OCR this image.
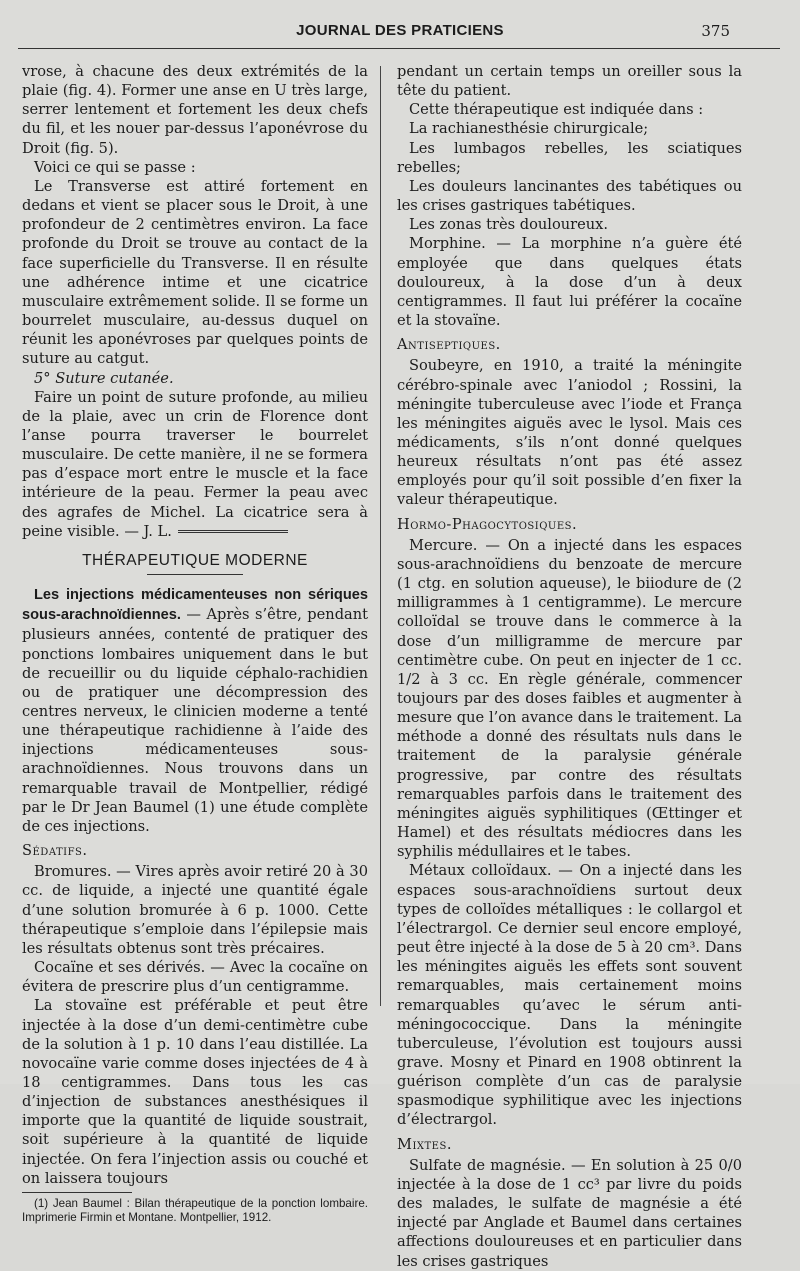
JOURNAL DES PRATICIENS	375

vrose, à chacune des deux extrémités de la plaie (fig. 4). Former une anse en U très large, serrer lentement et fortement les deux chefs du fil, et les nouer par-dessus l’aponévrose du Droit (fig. 5).

Voici ce qui se passe :

Le Transverse est attiré fortement en dedans et vient se placer sous le Droit, à une profondeur de 2 centimètres environ. La face profonde du Droit se trouve au contact de la face superficielle du Transverse. Il en résulte une adhérence intime et une cicatrice musculaire extrêmement solide. Il se forme un bourrelet musculaire, au-dessus duquel on réunit les aponévroses par quelques points de suture au catgut.

5° Suture cutanée.

Faire un point de suture profonde, au milieu de la plaie, avec un crin de Florence dont l’anse pourra traverser le bourrelet musculaire. De cette manière, il ne se formera pas d’espace mort entre le muscle et la face intérieure de la peau. Fermer la peau avec des agrafes de Michel. La cicatrice sera à peine visible. — J. L.

THÉRAPEUTIQUE MODERNE

Les injections médicamenteuses non sériques sous-arachnoïdiennes. — Après s’être, pendant plusieurs années, contenté de pratiquer des ponctions lombaires uniquement dans le but de recueillir ou du liquide céphalo-rachidien ou de pratiquer une décompression des centres nerveux, le clinicien moderne a tenté une thérapeutique rachidienne à l’aide des injections médicamenteuses sous-arachnoïdiennes. Nous trouvons dans un remarquable travail de Montpellier, rédigé par le Dr Jean Baumel (1) une étude complète de ces injections.

Sédatifs.

Bromures. — Vires après avoir retiré 20 à 30 cc. de liquide, a injecté une quantité égale d’une solution bromurée à 6 p. 1000. Cette thérapeutique s’emploie dans l’épilepsie mais les résultats obtenus sont très précaires.

Cocaïne et ses dérivés. — Avec la cocaïne on évitera de prescrire plus d’un centigramme.

La stovaïne est préférable et peut être injectée à la dose d’un demi-centimètre cube de la solution à 1 p. 10 dans l’eau distillée. La novocaïne varie comme doses injectées de 4 à 18 centigrammes. Dans tous les cas d’injection de substances anesthésiques il importe que la quantité de liquide soustrait, soit supérieure à la quantité de liquide injectée. On fera l’injection assis ou couché et on laissera toujours

(1) Jean Baumel : Bilan thérapeutique de la ponction lombaire. Imprimerie Firmin et Montane. Montpellier, 1912.

pendant un certain temps un oreiller sous la tête du patient.

Cette thérapeutique est indiquée dans :

La rachianesthésie chirurgicale;

Les lumbagos rebelles, les sciatiques rebelles;

Les douleurs lancinantes des tabétiques ou les crises gastriques tabétiques.

Les zonas très douloureux.

Morphine. — La morphine n’a guère été employée que dans quelques états douloureux, à la dose d’un à deux centigrammes. Il faut lui préférer la cocaïne et la stovaïne.

Antiseptiques.

Soubeyre, en 1910, a traité la méningite cérébro-spinale avec l’aniodol ; Rossini, la méningite tuberculeuse avec l’iode et França les méningites aiguës avec le lysol. Mais ces médicaments, s’ils n’ont donné quelques heureux résultats n’ont pas été assez employés pour qu’il soit possible d’en fixer la valeur thérapeutique.

Hormo-Phagocytosiques.

Mercure. — On a injecté dans les espaces sous-arachnoïdiens du benzoate de mercure (1 ctg. en solution aqueuse), le biiodure de (2 milligrammes à 1 centigramme). Le mercure colloïdal se trouve dans le commerce à la dose d’un milligramme de mercure par centimètre cube. On peut en injecter de 1 cc. 1/2 à 3 cc. En règle générale, commencer toujours par des doses faibles et augmenter à mesure que l’on avance dans le traitement. La méthode a donné des résultats nuls dans le traitement de la paralysie générale progressive, par contre des résultats remarquables parfois dans le traitement des méningites aiguës syphilitiques (Œttinger et Hamel) et des résultats médiocres dans les syphilis médullaires et le tabes.

Métaux colloïdaux. — On a injecté dans les espaces sous-arachnoïdiens surtout deux types de colloïdes métalliques : le collargol et l’électrargol. Ce dernier seul encore employé, peut être injecté à la dose de 5 à 20 cm³. Dans les méningites aiguës les effets sont souvent remarquables, mais certainement moins remarquables qu’avec le sérum anti-méningococcique. Dans la méningite tuberculeuse, l’évolution est toujours aussi grave. Mosny et Pinard en 1908 obtinrent la guérison complète d’un cas de paralysie spasmodique syphilitique avec les injections d’électrargol.

Mixtes.

Sulfate de magnésie. — En solution à 25 0/0 injectée à la dose de 1 cc³ par livre du poids des malades, le sulfate de magnésie a été injecté par Anglade et Baumel dans certaines affections douloureuses et en particulier dans les crises gastriques
